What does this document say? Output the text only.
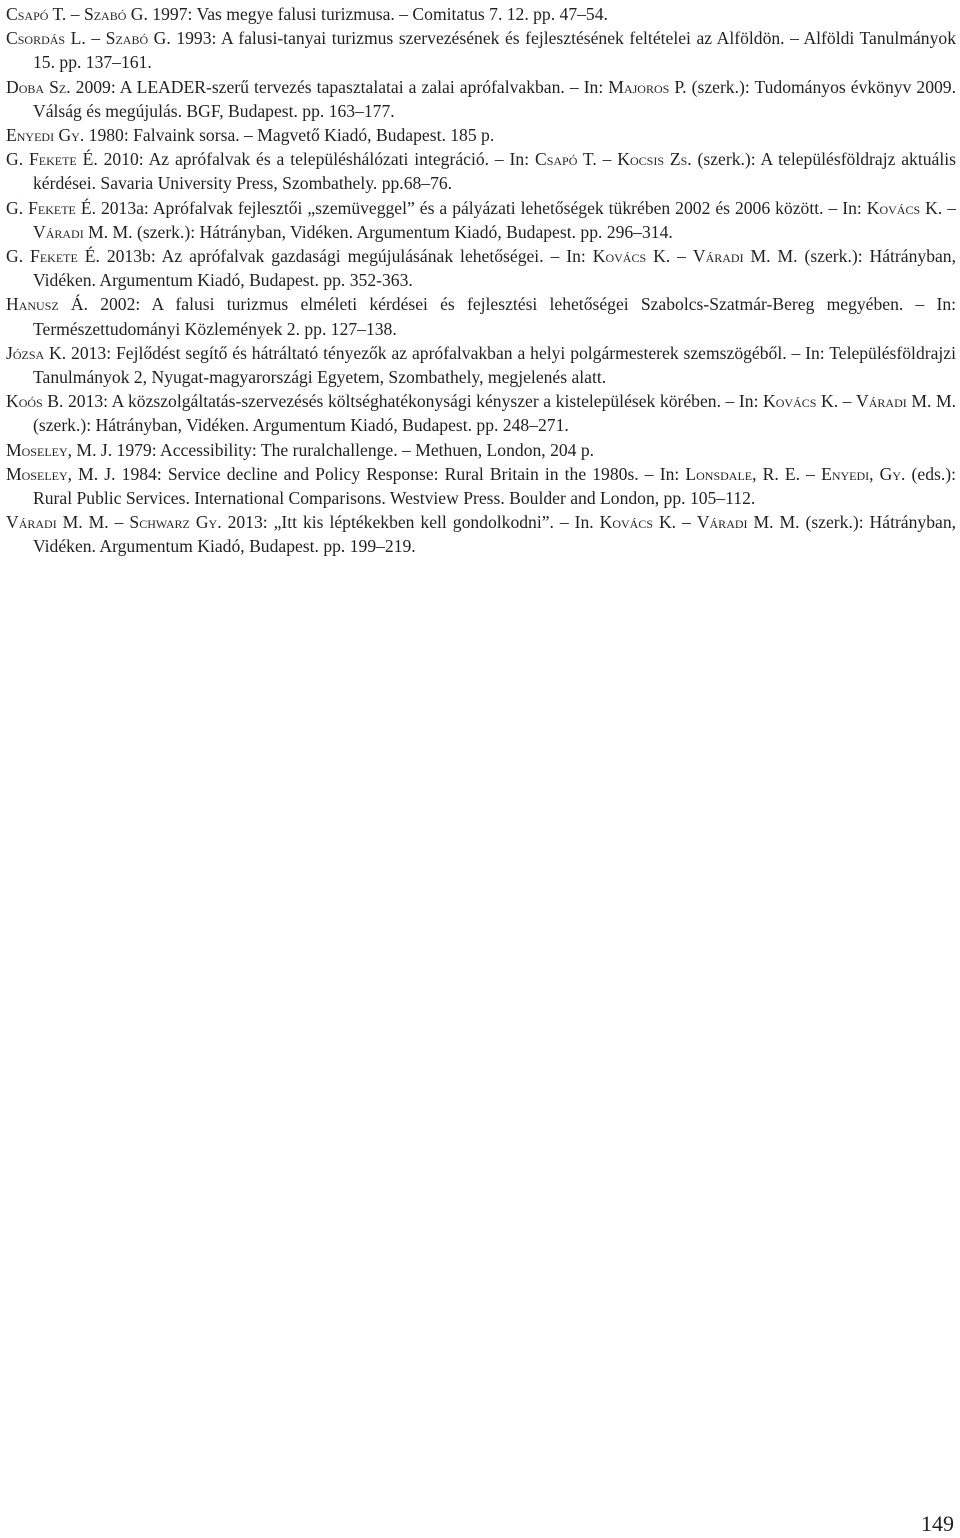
Csapó T. – Szabó G. 1997: Vas megye falusi turizmusa. – Comitatus 7. 12. pp. 47–54.

Csordás L. – Szabó G. 1993: A falusi-tanyai turizmus szervezésének és fejlesztésének feltételei az Alföldön. – Alföldi Tanulmányok 15. pp. 137–161.

Doba Sz. 2009: A LEADER-szerű tervezés tapasztalatai a zalai aprófalvakban. – In: Majoros P. (szerk.): Tudományos évkönyv 2009. Válság és megújulás. BGF, Budapest. pp. 163–177.

Enyedi Gy. 1980: Falvaink sorsa. – Magvető Kiadó, Budapest. 185 p.

G. Fekete É. 2010: Az aprófalvak és a településhálózati integráció. – In: Csapó T. – Kocsis Zs. (szerk.): A településföldrajz aktuális kérdései. Savaria University Press, Szombathely. pp.68–76.

G. Fekete É. 2013a: Aprófalvak fejlesztői „szemüveggel” és a pályázati lehetőségek tükrében 2002 és 2006 között. – In: Kovács K. – Váradi M. M. (szerk.): Hátrányban, Vidéken. Argumentum Kiadó, Budapest. pp. 296–314.

G. Fekete É. 2013b: Az aprófalvak gazdasági megújulásának lehetőségei. – In: Kovács K. – Váradi M. M. (szerk.): Hátrányban, Vidéken. Argumentum Kiadó, Budapest. pp. 352-363.

Hanusz Á. 2002: A falusi turizmus elméleti kérdései és fejlesztési lehetőségei Szabolcs-Szatmár-Bereg megyében. – In: Természettudományi Közlemények 2. pp. 127–138.

Józsa K. 2013: Fejlődést segítő és hátráltató tényezők az aprófalvakban a helyi polgármesterek szemszögéből. – In: Településföldrajzi Tanulmányok 2, Nyugat-magyarországi Egyetem, Szombathely, megjelenés alatt.

Koós B. 2013: A közszolgáltatás-szervezésés költséghatékonysági kényszer a kistelepülések körében. – In: Kovács K. – Váradi M. M. (szerk.): Hátrányban, Vidéken. Argumentum Kiadó, Budapest. pp. 248–271.

Moseley, M. J. 1979: Accessibility: The ruralchallenge. – Methuen, London, 204 p.

Moseley, M. J. 1984: Service decline and Policy Response: Rural Britain in the 1980s. – In: Lonsdale, R. E. – Enyedi, Gy. (eds.): Rural Public Services. International Comparisons. Westview Press. Boulder and London, pp. 105–112.

Váradi M. M. – Schwarz Gy. 2013: „Itt kis léptékekben kell gondolkodni”. – In. Kovács K. – Váradi M. M. (szerk.): Hátrányban, Vidéken. Argumentum Kiadó, Budapest. pp. 199–219.

149
